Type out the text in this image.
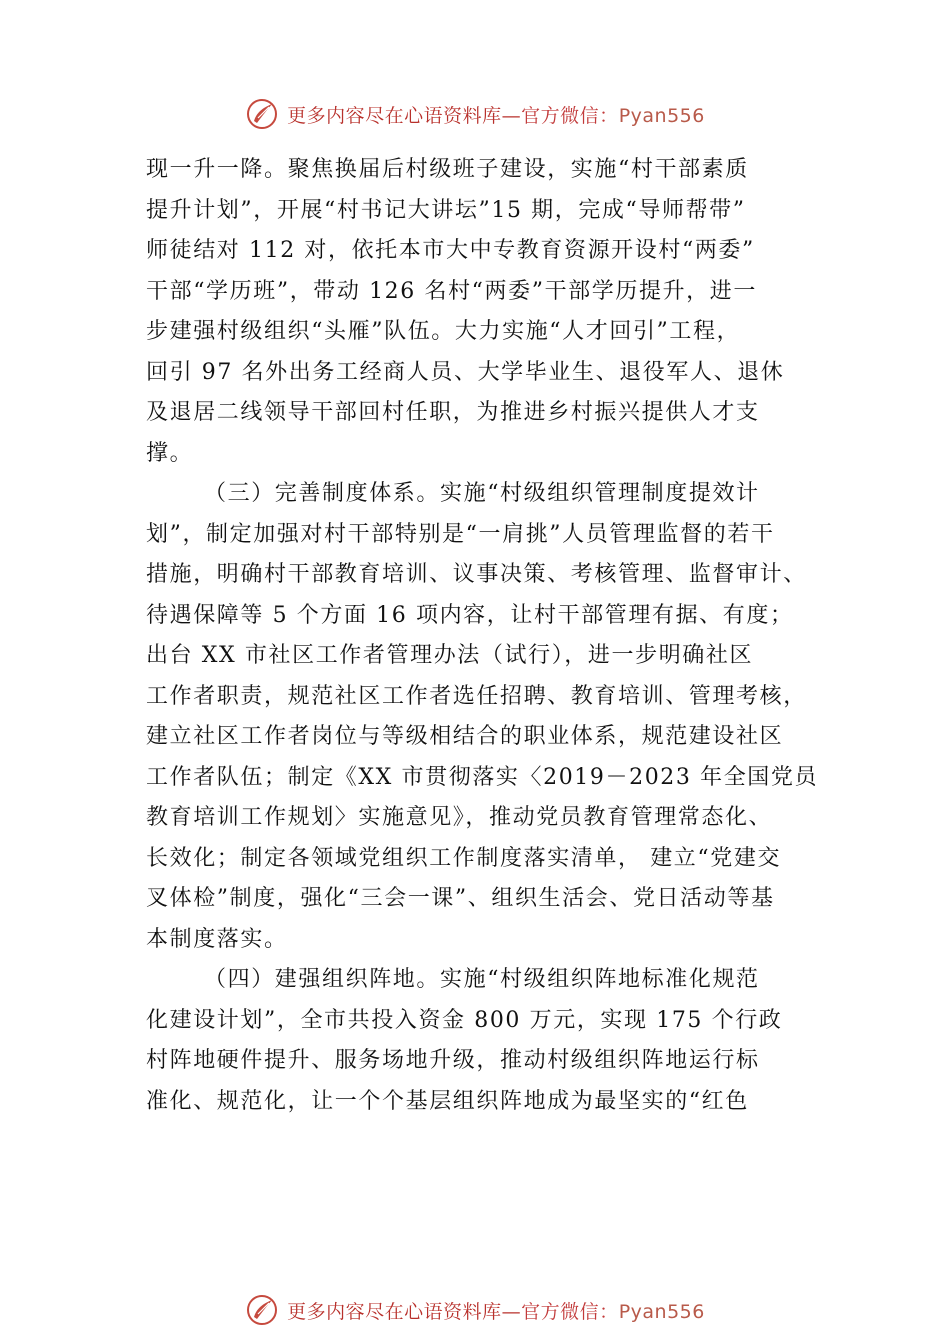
更多内容尽在心语资料库—官方微信：Pyan556
现一升一降。聚焦换届后村级班子建设，实施“村干部素质
提升计划”，开展“村书记大讲坛”15 期，完成“导师帮带”
师徒结对 112 对，依托本市大中专教育资源开设村“两委”
干部“学历班”，带动 126 名村“两委”干部学历提升，进一
步建强村级组织“头雁”队伍。大力实施“人才回引”工程，
回引 97 名外出务工经商人员、大学毕业生、退役军人、退休
及退居二线领导干部回村任职，为推进乡村振兴提供人才支
撑。
（三）完善制度体系。实施“村级组织管理制度提效计
划”，制定加强对村干部特别是“一肩挑”人员管理监督的若干
措施，明确村干部教育培训、议事决策、考核管理、监督审计、
待遇保障等 5 个方面 16 项内容，让村干部管理有据、有度；
出台 XX 市社区工作者管理办法（试行），进一步明确社区
工作者职责，规范社区工作者选任招聘、教育培训、管理考核，
建立社区工作者岗位与等级相结合的职业体系，规范建设社区
工作者队伍；制定《XX 市贯彻落实〈2019－2023 年全国党员
教育培训工作规划〉实施意见》，推动党员教育管理常态化、
长效化；制定各领域党组织工作制度落实清单， 建立“党建交
叉体检”制度，强化“三会一课”、组织生活会、党日活动等基
本制度落实。
（四）建强组织阵地。实施“村级组织阵地标准化规范
化建设计划”，全市共投入资金 800 万元，实现 175 个行政
村阵地硬件提升、服务场地升级，推动村级组织阵地运行标
准化、规范化，让一个个基层组织阵地成为最坚实的“红色
更多内容尽在心语资料库—官方微信：Pyan556
